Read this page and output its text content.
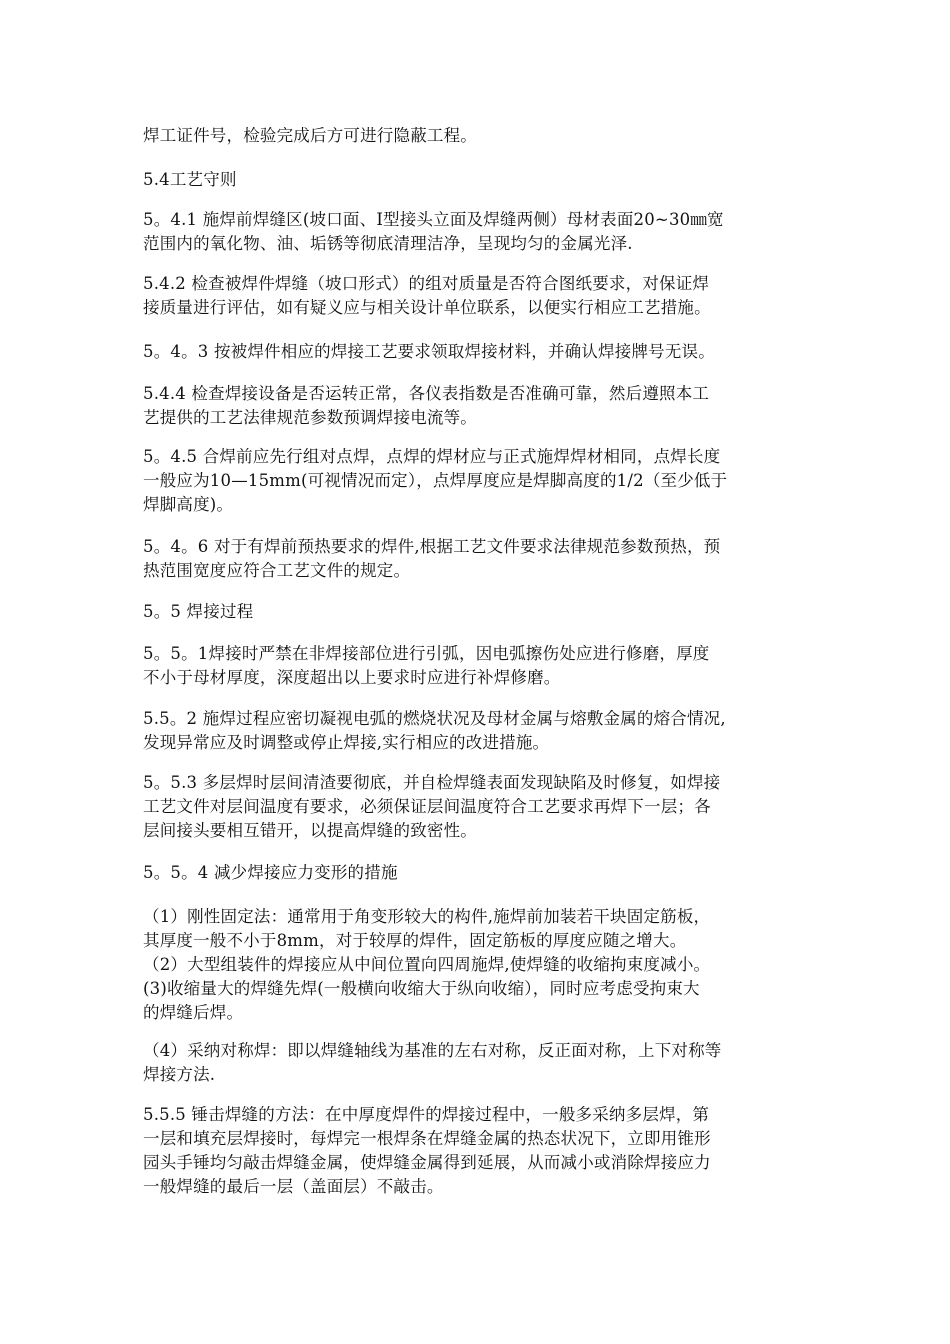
焊工证件号，检验完成后方可进行隐蔽工程。
5.4工艺守则
5。4.1 施焊前焊缝区(坡口面、I型接头立面及焊缝两侧）母材表面20~30㎜宽
范围内的氧化物、油、垢锈等彻底清理洁净，呈现均匀的金属光泽.
5.4.2 检查被焊件焊缝（坡口形式）的组对质量是否符合图纸要求，对保证焊
接质量进行评估，如有疑义应与相关设计单位联系，以便实行相应工艺措施。
5。4。3 按被焊件相应的焊接工艺要求领取焊接材料，并确认焊接牌号无误。
5.4.4 检查焊接设备是否运转正常，各仪表指数是否准确可靠，然后遵照本工
艺提供的工艺法律规范参数预调焊接电流等。
5。4.5 合焊前应先行组对点焊，点焊的焊材应与正式施焊焊材相同，点焊长度
一般应为10—15mm(可视情况而定），点焊厚度应是焊脚高度的1/2（至少低于
焊脚高度)。
5。4。6 对于有焊前预热要求的焊件,根据工艺文件要求法律规范参数预热，预
热范围宽度应符合工艺文件的规定。
5。5 焊接过程
5。5。1焊接时严禁在非焊接部位进行引弧，因电弧擦伤处应进行修磨，厚度
不小于母材厚度，深度超出以上要求时应进行补焊修磨。
5.5。2 施焊过程应密切凝视电弧的燃烧状况及母材金属与熔敷金属的熔合情况,
发现异常应及时调整或停止焊接,实行相应的改进措施。
5。5.3 多层焊时层间清渣要彻底，并自检焊缝表面发现缺陷及时修复，如焊接
工艺文件对层间温度有要求，必须保证层间温度符合工艺要求再焊下一层；各
层间接头要相互错开，以提高焊缝的致密性。
5。5。4 减少焊接应力变形的措施
（1）刚性固定法：通常用于角变形较大的构件,施焊前加装若干块固定筋板，
其厚度一般不小于8mm，对于较厚的焊件，固定筋板的厚度应随之增大。
（2）大型组装件的焊接应从中间位置向四周施焊,使焊缝的收缩拘束度减小。
(3)收缩量大的焊缝先焊(一般横向收缩大于纵向收缩），同时应考虑受拘束大
的焊缝后焊。
（4）采纳对称焊：即以焊缝轴线为基准的左右对称，反正面对称，上下对称等
焊接方法.
5.5.5 锤击焊缝的方法：在中厚度焊件的焊接过程中，一般多采纳多层焊，第
一层和填充层焊接时，每焊完一根焊条在焊缝金属的热态状况下，立即用锥形
园头手锤均匀敲击焊缝金属，使焊缝金属得到延展，从而减小或消除焊接应力
一般焊缝的最后一层（盖面层）不敲击。
